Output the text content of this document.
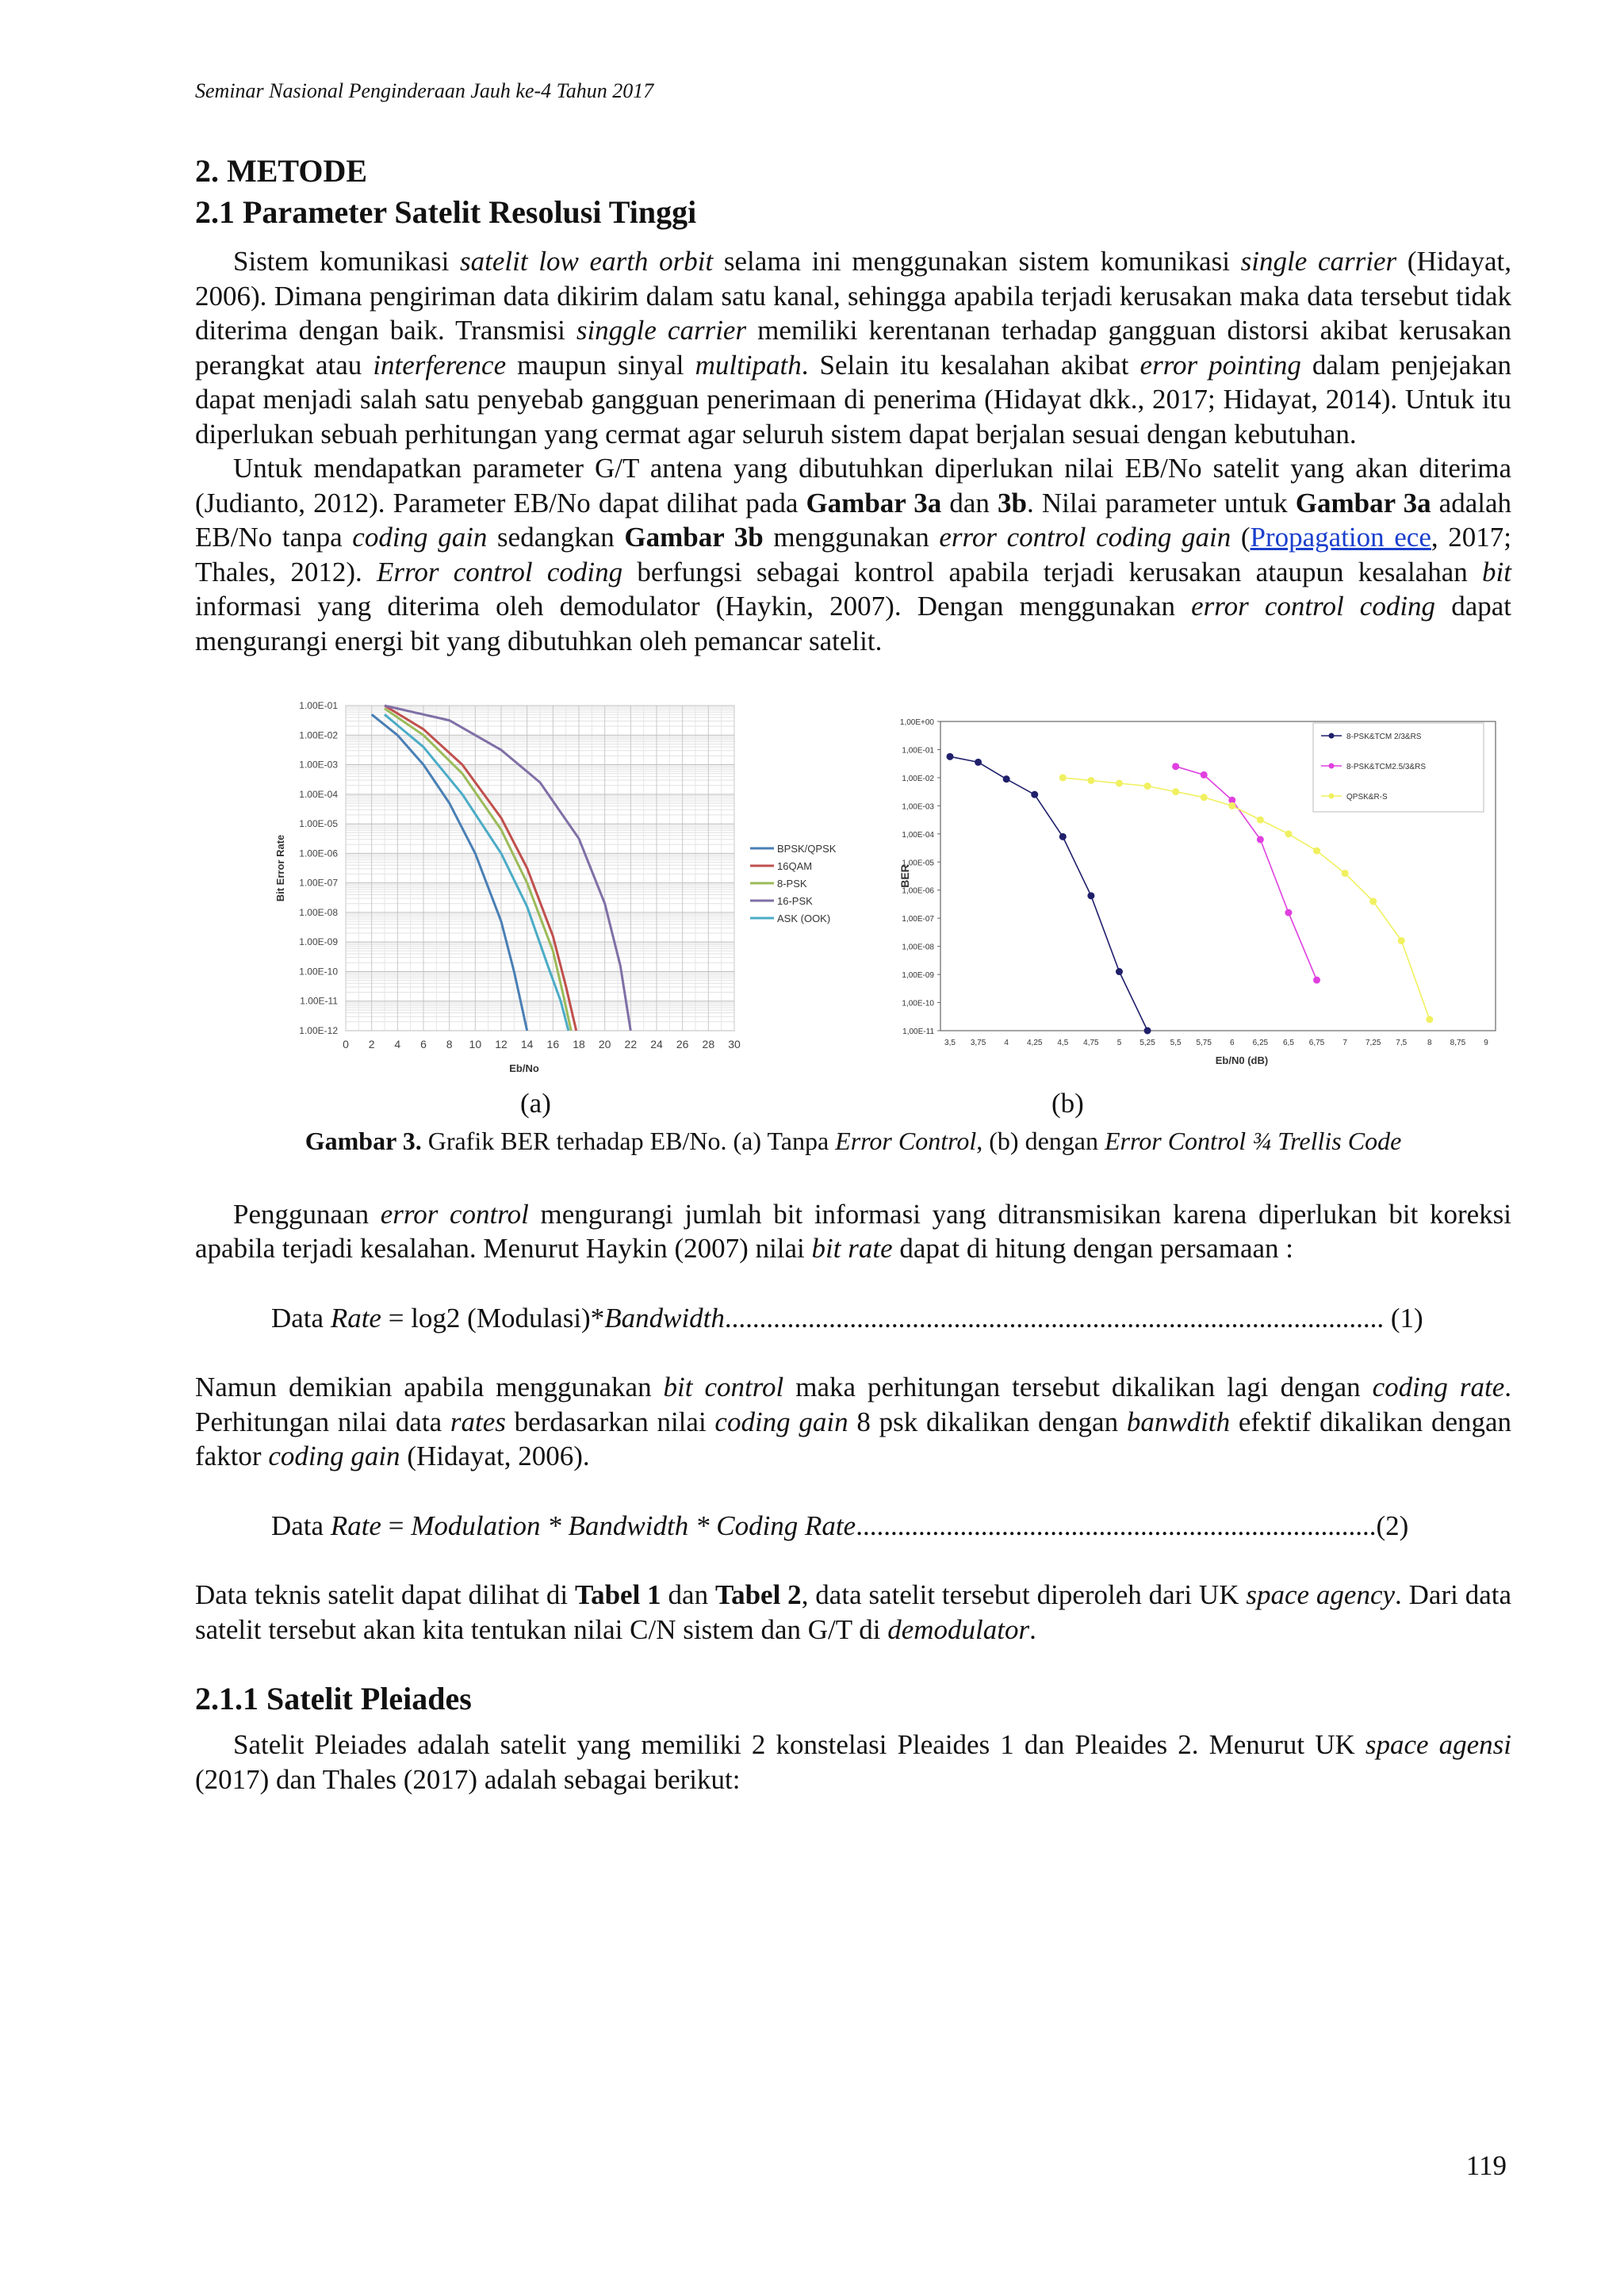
Seminar Nasional Penginderaan Jauh ke-4 Tahun 2017
2. METODE
2.1 Parameter Satelit Resolusi Tinggi

Sistem komunikasi satelit low earth orbit selama ini menggunakan sistem komunikasi single carrier (Hidayat, 2006). Dimana pengiriman data dikirim dalam satu kanal, sehingga apabila terjadi kerusakan maka data tersebut tidak diterima dengan baik. Transmisi singgle carrier memiliki kerentanan terhadap gangguan distorsi akibat kerusakan perangkat atau interference maupun sinyal multipath. Selain itu kesalahan akibat error pointing dalam penjejakan dapat menjadi salah satu penyebab gangguan penerimaan di penerima (Hidayat dkk., 2017; Hidayat, 2014). Untuk itu diperlukan sebuah perhitungan yang cermat agar seluruh sistem dapat berjalan sesuai dengan kebutuhan.

Untuk mendapatkan parameter G/T antena yang dibutuhkan diperlukan nilai EB/No satelit yang akan diterima (Judianto, 2012). Parameter EB/No dapat dilihat pada Gambar 3a dan 3b. Nilai parameter untuk Gambar 3a adalah EB/No tanpa coding gain sedangkan Gambar 3b menggunakan error control coding gain (Propagation ece, 2017; Thales, 2012). Error control coding berfungsi sebagai kontrol apabila terjadi kerusakan ataupun kesalahan bit informasi yang diterima oleh demodulator (Haykin, 2007). Dengan menggunakan error control coding dapat mengurangi energi bit yang dibutuhkan oleh pemancar satelit.

1.00E-01
1.00E-02
1.00E-03
1.00E-04
1.00E-05
1.00E-06
1.00E-07
1.00E-08
1.00E-09
1.00E-10
1.00E-11
1.00E-12
0 2 4 6 8 10 12 14 16 18 20 22 24 26 28 30
Eb/No
Bit Error Rate	BPSK/QPSK
16QAM
8-PSK
16-PSK
ASK (OOK)
1,00E+00
1,00E-01
1,00E-02
1,00E-03
1,00E-04
1,00E-05
1,00E-06
1,00E-07
1,00E-08
1,00E-09
1,00E-10
1,00E-11
3,5 3,75 4 4,25 4,5 4,75 5 5,25 5,5 5,75 6 6,25 6,5 6,75 7 7,25 7,5	8 8,75 9
Eb/N0 (dB)
BER
8-PSK&TCM 2/3&RS
8-PSK&TCM2.5/3&RS
QPSK&R-S
(a)	(b)
Gambar 3. Grafik BER terhadap EB/No. (a) Tanpa Error Control, (b) dengan Error Control ¾ Trellis Code

Penggunaan error control mengurangi jumlah bit informasi yang ditransmisikan karena diperlukan bit koreksi apabila terjadi kesalahan. Menurut Haykin (2007) nilai bit rate dapat di hitung dengan persamaan :

Data Rate = log2 (Modulasi)*Bandwidth............................................................................................... (1)

Namun demikian apabila menggunakan bit control maka perhitungan tersebut dikalikan lagi dengan coding rate. Perhitungan nilai data rates berdasarkan nilai coding gain 8 psk dikalikan dengan banwdith efektif dikalikan dengan faktor coding gain (Hidayat, 2006).

Data Rate = Modulation * Bandwidth * Coding Rate...........................................................................(2)

Data teknis satelit dapat dilihat di Tabel 1 dan Tabel 2, data satelit tersebut diperoleh dari UK space agency. Dari data satelit tersebut akan kita tentukan nilai C/N sistem dan G/T di demodulator.

2.1.1 Satelit Pleiades

Satelit Pleiades adalah satelit yang memiliki 2 konstelasi Pleaides 1 dan Pleaides 2. Menurut UK space agensi (2017) dan Thales (2017) adalah sebagai berikut:

119
